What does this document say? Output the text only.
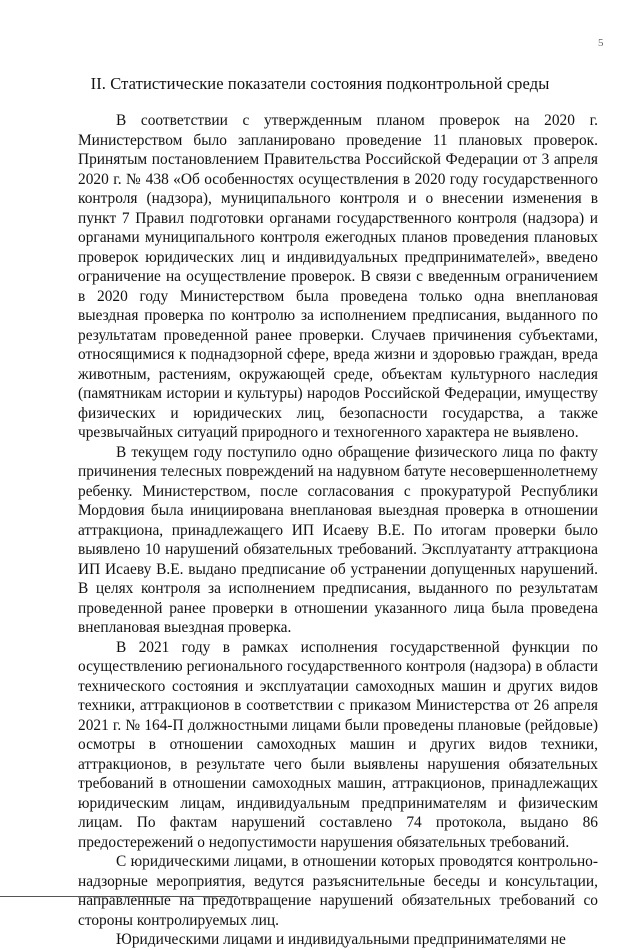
5
II. Статистические показатели состояния подконтрольной среды

В соответствии с утвержденным планом проверок на 2020 г. Министерством было запланировано проведение 11 плановых проверок. Принятым постановлением Правительства Российской Федерации от 3 апреля 2020 г. № 438 «Об особенностях осуществления в 2020 году государственного контроля (надзора), муниципального контроля и о внесении изменения в пункт 7 Правил подготовки органами государственного контроля (надзора) и органами муниципального контроля ежегодных планов проведения плановых проверок юридических лиц и индивидуальных предпринимателей», введено ограничение на осуществление проверок. В связи с введенным ограничением в 2020 году Министерством была проведена только одна внеплановая выездная проверка по контролю за исполнением предписания, выданного по результатам проведенной ранее проверки. Случаев причинения субъектами, относящимися к поднадзорной сфере, вреда жизни и здоровью граждан, вреда животным, растениям, окружающей среде, объектам культурного наследия (памятникам истории и культуры) народов Российской Федерации, имуществу физических и юридических лиц, безопасности государства, а также чрезвычайных ситуаций природного и техногенного характера не выявлено.

В текущем году поступило одно обращение физического лица по факту причинения телесных повреждений на надувном батуте несовершеннолетнему ребенку. Министерством, после согласования с прокуратурой Республики Мордовия была инициирована внеплановая выездная проверка в отношении аттракциона, принадлежащего ИП Исаеву В.Е. По итогам проверки было выявлено 10 нарушений обязательных требований. Эксплуатанту аттракциона ИП Исаеву В.Е. выдано предписание об устранении допущенных нарушений. В целях контроля за исполнением предписания, выданного по результатам проведенной ранее проверки в отношении указанного лица была проведена внеплановая выездная проверка.

В 2021 году в рамках исполнения государственной функции по осуществлению регионального государственного контроля (надзора) в области технического состояния и эксплуатации самоходных машин и других видов техники, аттракционов в соответствии с приказом Министерства от 26 апреля 2021 г. № 164-П должностными лицами были проведены плановые (рейдовые) осмотры в отношении самоходных машин и других видов техники, аттракционов, в результате чего были выявлены нарушения обязательных требований в отношении самоходных машин, аттракционов, принадлежащих юридическим лицам, индивидуальным предпринимателям и физическим лицам. По фактам нарушений составлено 74 протокола, выдано 86 предостережений о недопустимости нарушения обязательных требований.

С юридическими лицами, в отношении которых проводятся контрольно-надзорные мероприятия, ведутся разъяснительные беседы и консультации, направленные на предотвращение нарушений обязательных требований со стороны контролируемых лиц.

Юридическими лицами и индивидуальными предпринимателями не
